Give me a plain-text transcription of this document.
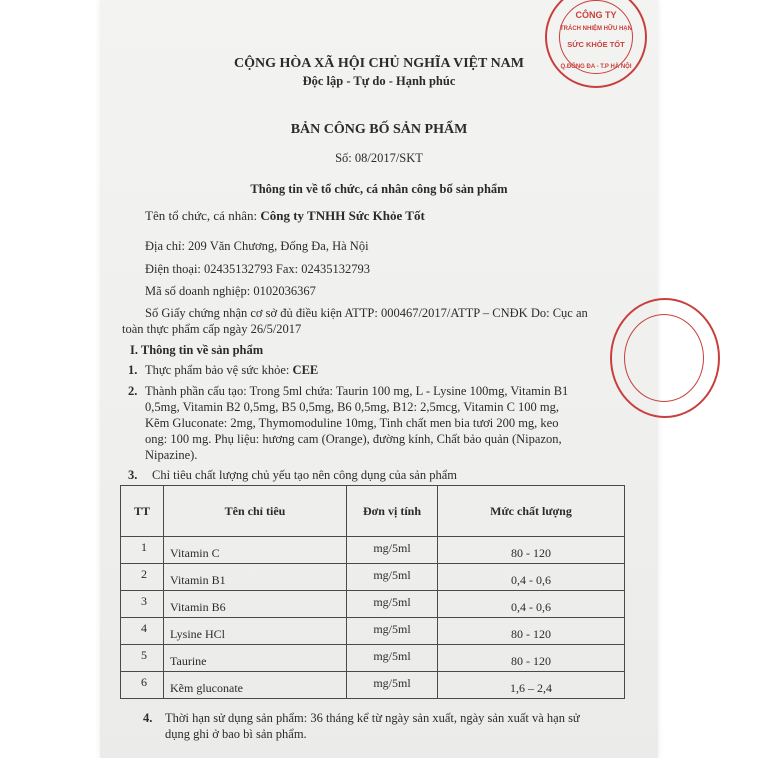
CÔNG TY
TRÁCH NHIỆM HỮU HẠN
SỨC KHỎE TỐT
Q.ĐỐNG ĐA - T.P HÀ NỘI
CỘNG HÒA XÃ HỘI CHỦ NGHĨA VIỆT NAM
Độc lập - Tự do - Hạnh phúc
BẢN CÔNG BỐ SẢN PHẨM
Số: 08/2017/SKT
Thông tin về tổ chức, cá nhân công bố sản phẩm
Tên tổ chức, cá nhân: Công ty TNHH Sức Khỏe Tốt
Địa chỉ: 209 Văn Chương, Đống Đa, Hà Nội
Điện thoại: 02435132793 Fax: 02435132793
Mã số doanh nghiệp: 0102036367
Số Giấy chứng nhận cơ sở đủ điều kiện ATTP: 000467/2017/ATTP – CNĐK Do: Cục an
toàn thực phẩm cấp ngày 26/5/2017
I. Thông tin về sản phẩm
1. Thực phẩm bảo vệ sức khỏe: CEE
2. Thành phần cấu tạo: Trong 5ml chứa: Taurin 100 mg, L - Lysine 100mg, Vitamin B1
0,5mg, Vitamin B2 0,5mg, B5 0,5mg, B6 0,5mg, B12: 2,5mcg, Vitamin C 100 mg,
Kẽm Gluconate: 2mg, Thymomoduline 10mg, Tinh chất men bia tươi 200 mg, keo
ong: 100 mg. Phụ liệu: hương cam (Orange), đường kính, Chất bảo quản (Nipazon,
Nipazine).
3. Chỉ tiêu chất lượng chủ yếu tạo nên công dụng của sản phẩm
TT	Tên chỉ tiêu	Đơn vị tính	Mức chất lượng
1	Vitamin C	mg/5ml	80 - 120
2	Vitamin B1	mg/5ml	0,4 - 0,6
3	Vitamin B6	mg/5ml	0,4 - 0,6
4	Lysine HCl	mg/5ml	80 - 120
5	Taurine	mg/5ml	80 - 120
6	Kẽm gluconate	mg/5ml	1,6 – 2,4
4. Thời hạn sử dụng sản phẩm: 36 tháng kể từ ngày sản xuất, ngày sản xuất và hạn sử
dụng ghi ở bao bì sản phẩm.
